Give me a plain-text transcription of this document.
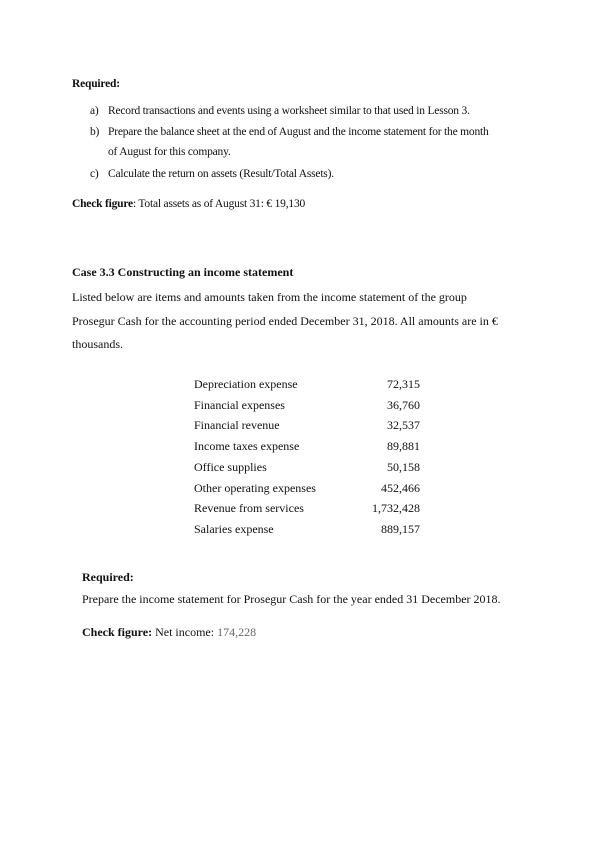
Required:
a) Record transactions and events using a worksheet similar to that used in Lesson 3.
b) Prepare the balance sheet at the end of August and the income statement for the month
of August for this company.
c) Calculate the return on assets (Result/Total Assets).
Check figure: Total assets as of August 31: € 19,130
Case 3.3 Constructing an income statement
Listed below are items and amounts taken from the income statement of the group
Prosegur Cash for the accounting period ended December 31, 2018. All amounts are in €
thousands.
Depreciation expense	72,315
Financial expenses	36,760
Financial revenue	32,537
Income taxes expense	89,881
Office supplies	50,158
Other operating expenses	452,466
Revenue from services	1,732,428
Salaries expense	889,157
Required:
Prepare the income statement for Prosegur Cash for the year ended 31 December 2018.
Check figure: Net income: 174,228
